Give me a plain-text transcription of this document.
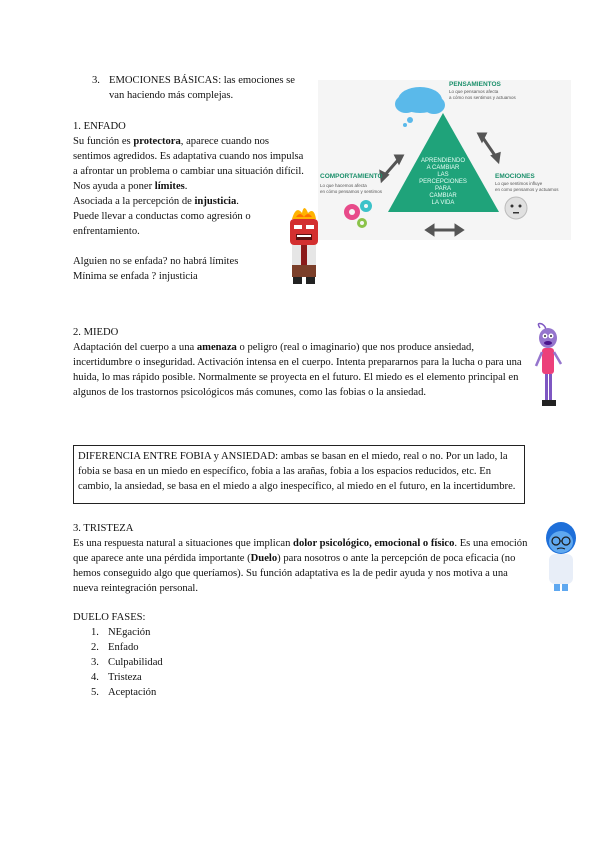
3. EMOCIONES BÁSICAS: las emociones se

van haciendo más complejas.

1. ENFADO

Su función es protectora, aparece cuando nos sentimos agredidos. Es adaptativa cuando nos impulsa a afrontar un problema o cambiar una situación difícil. Nos ayuda a poner límites.

Asociada a la percepción de injusticia.

Puede llevar a conductas como agresión o enfrentamiento.

Alguien no se enfada? no habrá límites

Mínima se enfada ? injusticia

APRENDIENDO
A CAMBIAR
LAS
PERCEPCIONES
PARA
CAMBIAR
LA VIDA
PENSAMIENTOS
Lo que pensamos afecta
a cómo nos sentimos y actuamos
COMPORTAMIENTO
Lo que hacemos afecta
en cómo pensamos y sentimos
EMOCIONES
Lo que sentimos influye
en como pensamos y actuamos

2. MIEDO

Adaptación del cuerpo a una amenaza o peligro (real o imaginario) que nos produce ansiedad, incertidumbre o inseguridad. Activación intensa en el cuerpo. Intenta prepararnos para la lucha o para una huida, lo mas rápido posible. Normalmente se proyecta en el futuro. El miedo es el elemento principal en algunos de los trastornos psicológicos más comunes, como las fobias o la ansiedad.

DIFERENCIA ENTRE FOBIA y ANSIEDAD: ambas se basan en el miedo, real o no. Por un lado, la fobia se basa en un miedo en específico, fobia a las arañas, fobia a los espacios reducidos, etc. En cambio, la ansiedad, se basa en el miedo a algo inespecífico, al miedo en el futuro, en la incertidumbre.

3. TRISTEZA

Es una respuesta natural a situaciones que implican dolor psicológico, emocional o físico. Es una emoción que aparece ante una pérdida importante (Duelo) para nosotros o ante la percepción de poca eficacia (no hemos conseguido algo que queríamos). Su función adaptativa es la de pedir ayuda y nos motiva a una nueva reintegración personal.

DUELO FASES:

1. NEgación
2. Enfado
3. Culpabilidad
4. Tristeza
5. Aceptación
